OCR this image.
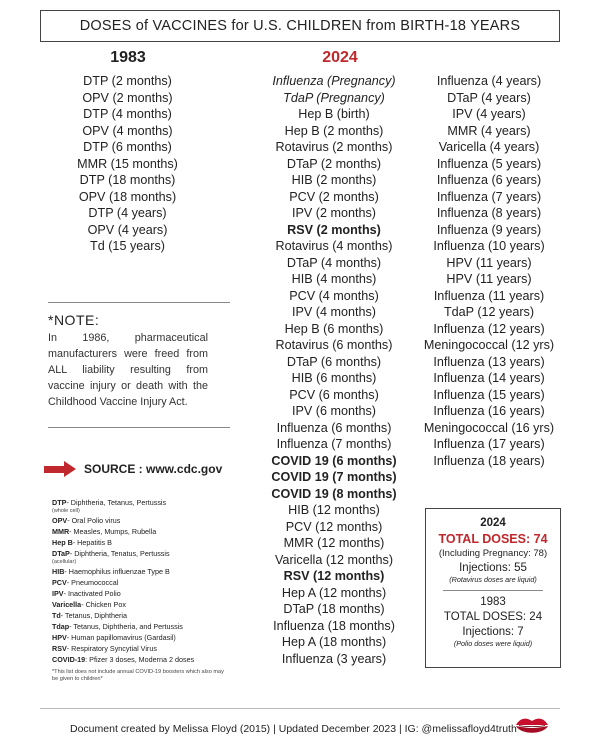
DOSES of VACCINES for U.S. CHILDREN from BIRTH-18 YEARS
1983	2024
DTP (2 months)
OPV (2 months)
DTP (4 months)
OPV (4 months)
DTP (6 months)
MMR (15 months)
DTP (18 months)
OPV (18 months)
DTP (4 years)
OPV (4 years)
Td (15 years)
Influenza (Pregnancy)
TdaP (Pregnancy)
Hep B (birth)
Hep B (2 months)
Rotavirus (2 months)
DTaP (2 months)
HIB (2 months)
PCV (2 months)
IPV (2 months)
RSV (2 months)
Rotavirus (4 months)
DTaP (4 months)
HIB (4 months)
PCV (4 months)
IPV (4 months)
Hep B (6 months)
Rotavirus (6 months)
DTaP (6 months)
HIB (6 months)
PCV (6 months)
IPV (6 months)
Influenza (6 months)
Influenza (7 months)
COVID 19 (6 months)
COVID 19 (7 months)
COVID 19 (8 months)
HIB (12 months)
PCV (12 months)
MMR (12 months)
Varicella (12 months)
RSV (12 months)
Hep A (12 months)
DTaP (18 months)
Influenza (18 months)
Hep A (18 months)
Influenza (3 years)
Influenza (4 years)
DTaP (4 years)
IPV (4 years)
MMR (4 years)
Varicella (4 years)
Influenza (5 years)
Influenza (6 years)
Influenza (7 years)
Influenza (8 years)
Influenza (9 years)
Influenza (10 years)
HPV (11 years)
HPV (11 years)
Influenza (11 years)
TdaP (12 years)
Influenza (12 years)
Meningococcal (12 yrs)
Influenza (13 years)
Influenza (14 years)
Influenza (15 years)
Influenza (16 years)
Meningococcal (16 yrs)
Influenza (17 years)
Influenza (18 years)
*NOTE:
In 1986, pharmaceutical manufacturers were freed from ALL liability resulting from vaccine injury or death with the Childhood Vaccine Injury Act.
SOURCE : www.cdc.gov
DTP- Diphtheria, Tetanus, Pertussis
(whole cell)
OPV- Oral Polio virus
MMR- Measles, Mumps, Rubella
Hep B- Hepatitis B
DTaP- Diphtheria, Tenatus, Pertussis
(acellular)
HIB- Haemophilus influenzae Type B
PCV- Pneumococcal
IPV- Inactivated Polio
Varicella- Chicken Pox
Td- Tetanus, Diphtheria
Tdap- Tetanus, Diphtheria, and Pertussis
HPV- Human papillomavirus (Gardasil)
RSV- Respiratory Syncytial Virus
COVID-19: Pfizer 3 doses, Moderna 2 doses
*This list does not include annual COVID-19 boosters which also may be given to children*
2024
TOTAL DOSES: 74
(Including Pregnancy: 78)
Injections: 55
(Rotavirus doses are liquid)
1983
TOTAL DOSES: 24
Injections: 7
(Polio doses were liquid)
Document created by Melissa Floyd (2015) | Updated December 2023 | IG: @melissafloyd4truth
